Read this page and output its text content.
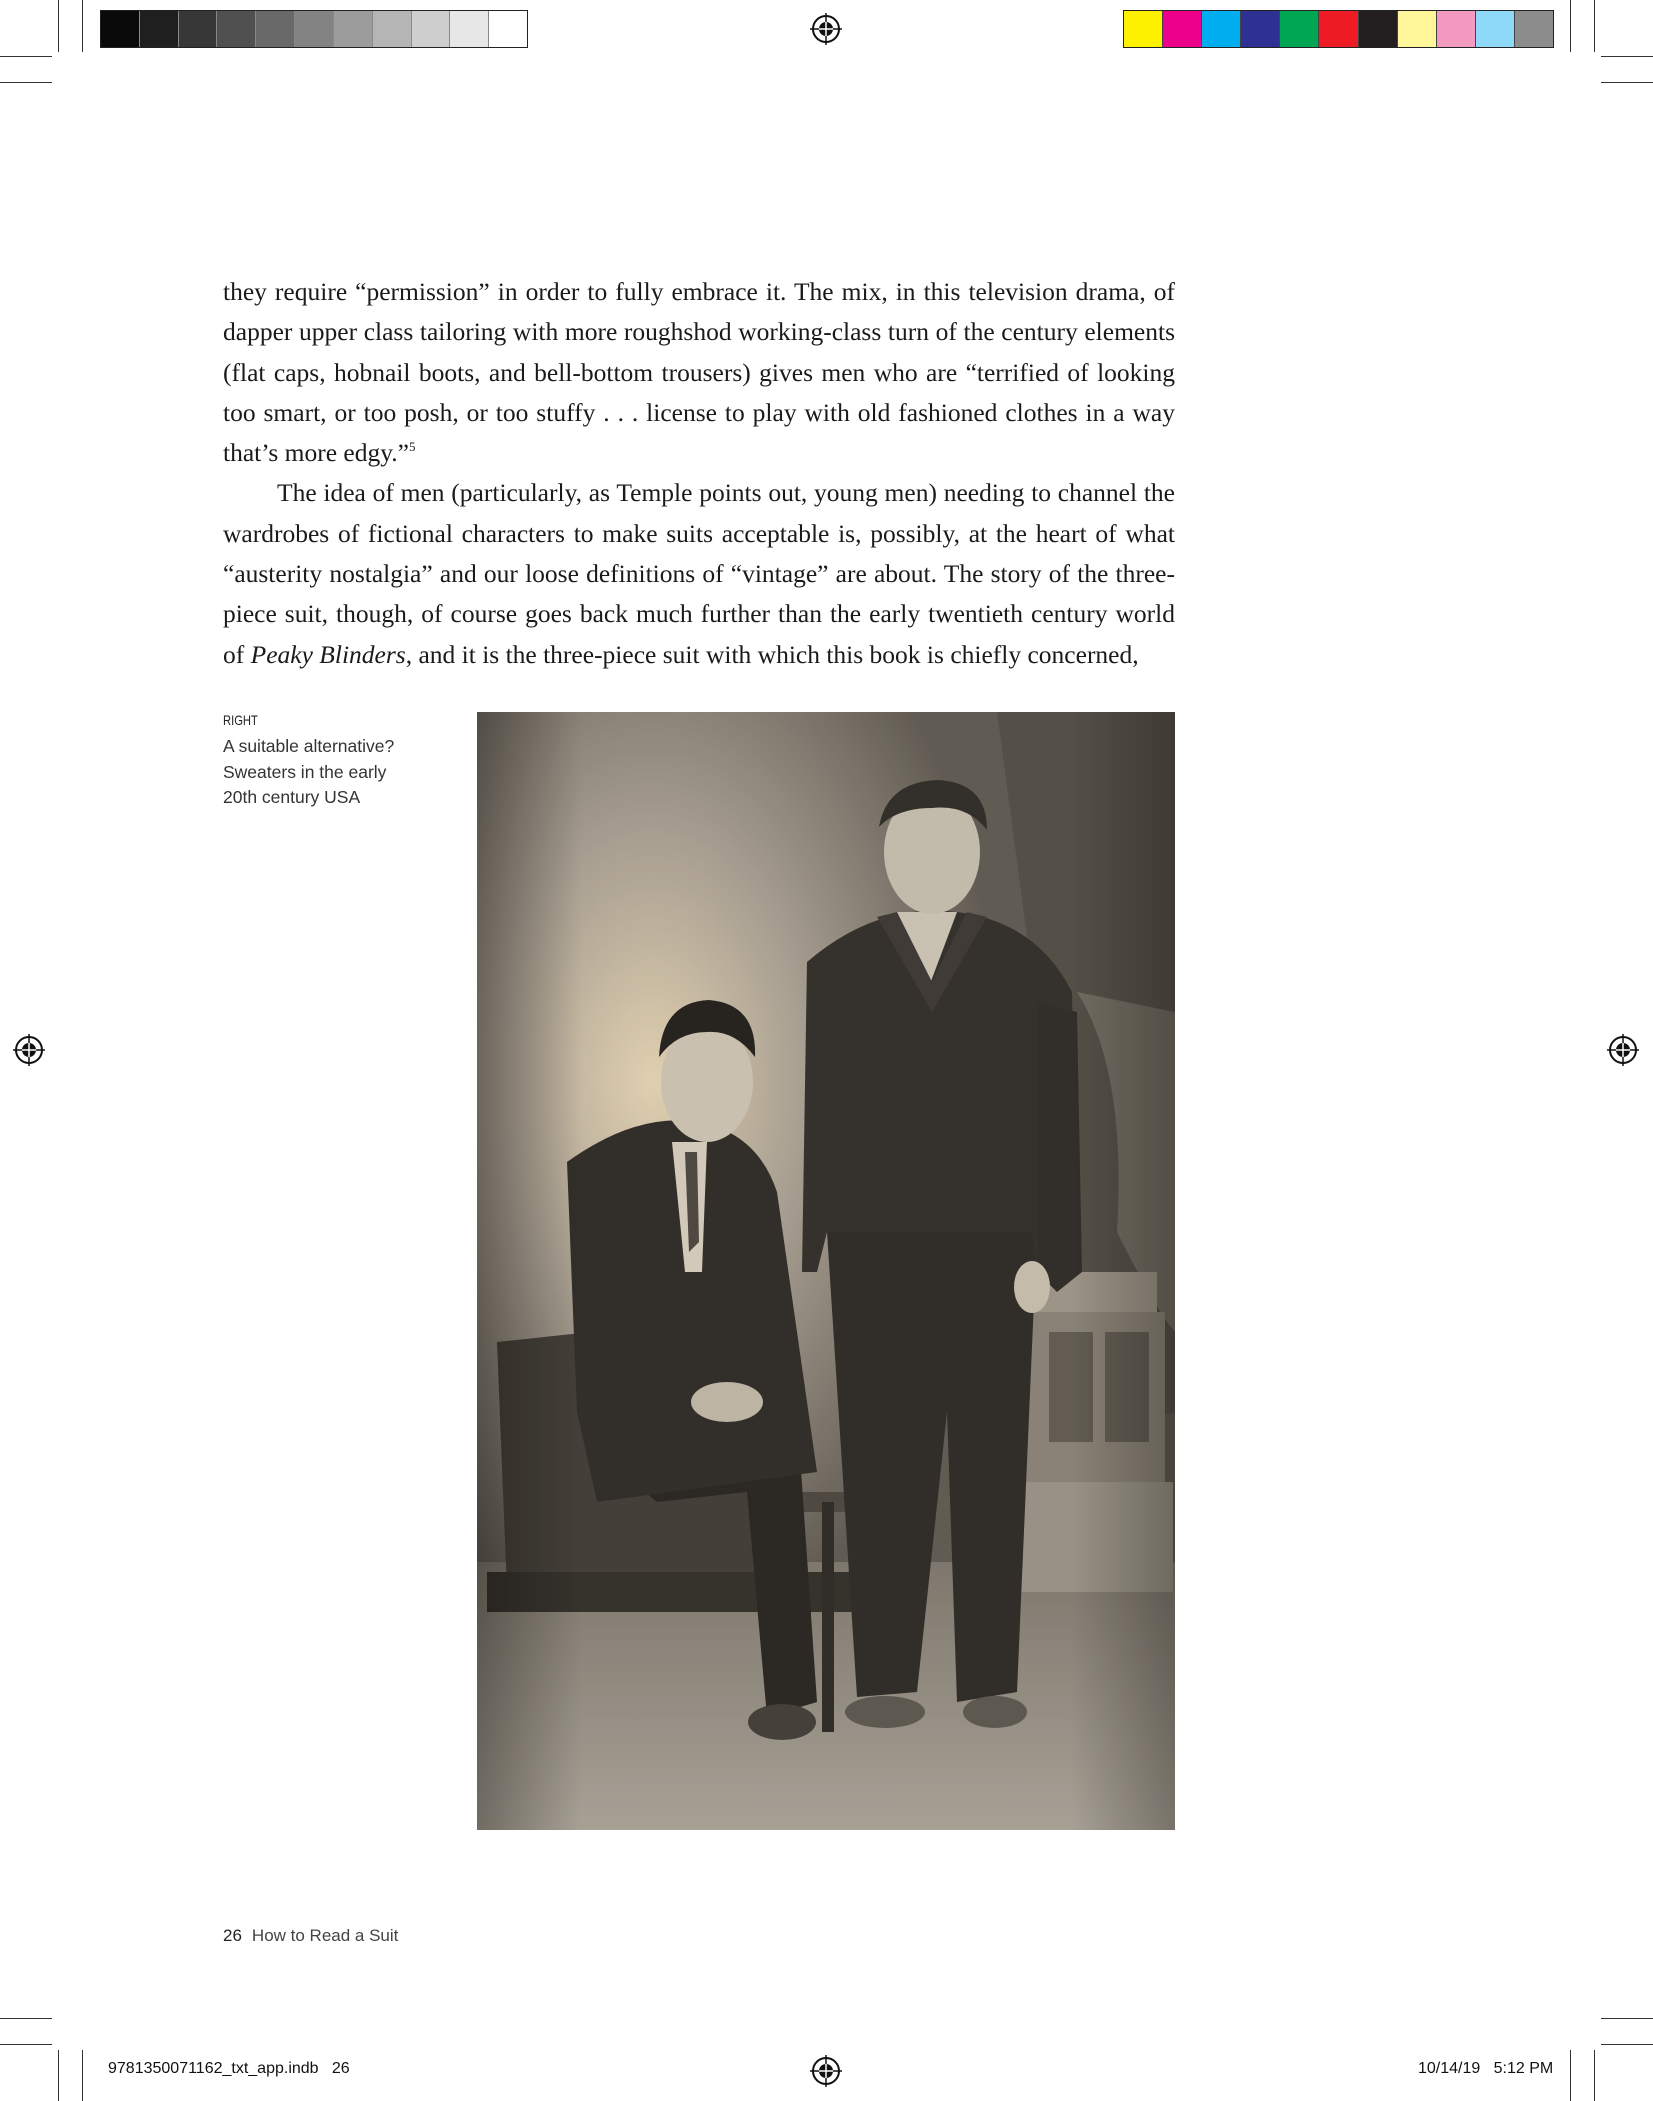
they require “permission” in order to fully embrace it. The mix, in this television drama, of dapper upper class tailoring with more roughshod working-class turn of the century elements (flat caps, hobnail boots, and bell-bottom trousers) gives men who are “terrified of looking too smart, or too posh, or too stuffy . . . license to play with old fashioned clothes in a way that’s more edgy.”$^5$

The idea of men (particularly, as Temple points out, young men) needing to channel the wardrobes of fictional characters to make suits acceptable is, possibly, at the heart of what “austerity nostalgia” and our loose definitions of “vintage” are about. The story of the three-piece suit, though, of course goes back much further than the early twentieth century world of Peaky Blinders, and it is the three-piece suit with which this book is chiefly concerned,

RIGHT
A suitable alternative? Sweaters in the early 20th century USA
26 How to Read a Suit
9781350071162_txt_app.indb   26	10/14/19   5:12 PM
